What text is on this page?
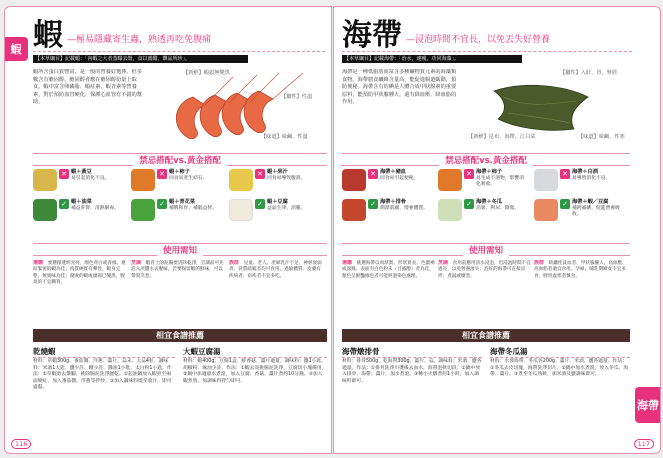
蝦 蝦 —極易隱藏寄生蟲，熟透再吃免腹痛
【本草綱目】記載蝦：「內蝦之大者蒸曝去殼，食以薑醋，饌品所珍」。
蝦所含蛋白質豐富，是一般的營養好選擇，但多數含有膽固醇，膽固醇者應在膽固醇份量上取食。蝦中富含卵磷脂、蝦紅素、蝦青素等營養素，對於預防血管硬化、保護心血管有不錯的幫助。
【新鮮】蝦頭無變黑
【屬性】性溫
【味道】味鹹、性溫
禁忌搭配vs.黃金搭配
✕ 蝦＋黃豆
易引起消化不良。
✕ 蝦＋柿子
同食易產生結石。
✕ 蝦＋果汁
同食易導致腹瀉。
✓ 蝦＋油菜
補益肝腎、清熱解毒。
✓ 蝦＋青花菜
補脾和胃、補腦益智。
✓ 蝦＋豆腐
益氣生津、消腫。
使用需知
選購　 要選擇透明光亮，顏色青白或青綠，連結緊密的蝦為佳；肉質硬實有彈性、蝦身完整、無異味為佳；腐敗的蝦或頭部已變黑、腥臭的不宜購買。
烹調　 蝦背上的泥腸要清除乾淨，烹調前可先泡入淡鹽水去腥味，若要保留蝦的鮮味，可以帶殼烹煮。
族群　 兒童、老人、產婦乳汁不足、神經衰弱者、骨質疏鬆者均可食用。過敏體質、皮膚有疾病者、宿疾者不宜多吃。
相宜食譜推薦
乾燒蝦
材料：草蝦300g、番茄醬、洋蔥、薑片、蒜末、大蒜4粒。調味料：米酒1大匙、鹽少許、糖少許、醬油1小匙、太白粉1小匙。作法：①草蝦剪去鬚腳、挑除腸泥洗淨瀝乾。②起油鍋放入蝦煎至兩面變紅，加入番茄醬、洋蔥等拌炒。③加入調味料燒至收汁，即可盛盤。
大蝦豆腐湯
材料：蝦400g、豆腐1盒、鮮香菇、薑片適量。調味料：鹽1小匙、胡椒粉、麻油少許。作法：①蝦去殼挑腸泥洗淨，豆腐切小塊備用。②鍋中加適量水煮滾，加入豆腐、香菇、薑片煮約10分鐘。③加入蝦煮熟，加調味料拌勻即可。
116
海帶 —浸泡時間不宜長，以免丟失好營養
【本草綱目】記載海帶：「治水，速瘦，功同海藻」。
海帶是一種低脂肪而富含多種礦物質元素的海藻類食物。海帶膳食纖維含量高，能促進腸道蠕動，預防便秘。海帶含有的碘是人體合成甲狀腺素的重要原料，能預防甲狀腺腫大，還有降血壓、降血脂的作用。
【屬性】入肝、胃、腎經
【新鮮】昆布、海帶、江白菜	【味道】味鹹、性寒
禁忌搭配vs.黃金搭配
✕ 海帶＋豬血
同食易引起便秘。
✕ 海帶＋柿子
易生成不溶物，影響消化吸收。
✕ 海帶＋白酒
易導致消化不良。
✓ 海帶＋排骨
潤澤肌膚、增強體質。
✓ 海帶＋冬瓜
消暑、利尿、降脂。
✓ 海帶＋蝦／豆腐
補鈣補碘、促進營養吸收。
使用需知
選購　 挑選海帶以肉厚實、形狀寬長、色濃褐或深綠、表面有白色粉末（甘露醇）者為佳，顏色呈鮮豔綠色者可能經過染色處理。
烹調　 食用前應用清水浸泡，但浸泡時間不宜過長，以免營養流失；泡好的海帶可直接涼拌、煮湯或燉煮。
族群　 缺鐵性貧血者、甲狀腺腫大、高血壓、高血脂者適宜食用。孕婦、哺乳期婦女不宜多食，脾胃虛寒者慎食。
相宜食譜推薦
海帶燉排骨
材料：排骨500g、乾海帶300g、薑片、蒜。調味料：米酒、鹽各適量。作法：①排骨洗淨川燙後去血水，海帶泡軟切段。②鍋中放入排骨、海帶、薑片，加水煮滾。③轉小火燉煮約1小時，加入調味料即可。
海帶冬瓜湯
材料：水發海帶、冬瓜各200g、薑片、米酒、鹽各適量。作法：①冬瓜去皮切塊，海帶洗淨切片。②鍋中加水煮滾，放入冬瓜、海帶、薑片。③煮至冬瓜熟軟，加米酒及鹽調味即可。
海帶
117
